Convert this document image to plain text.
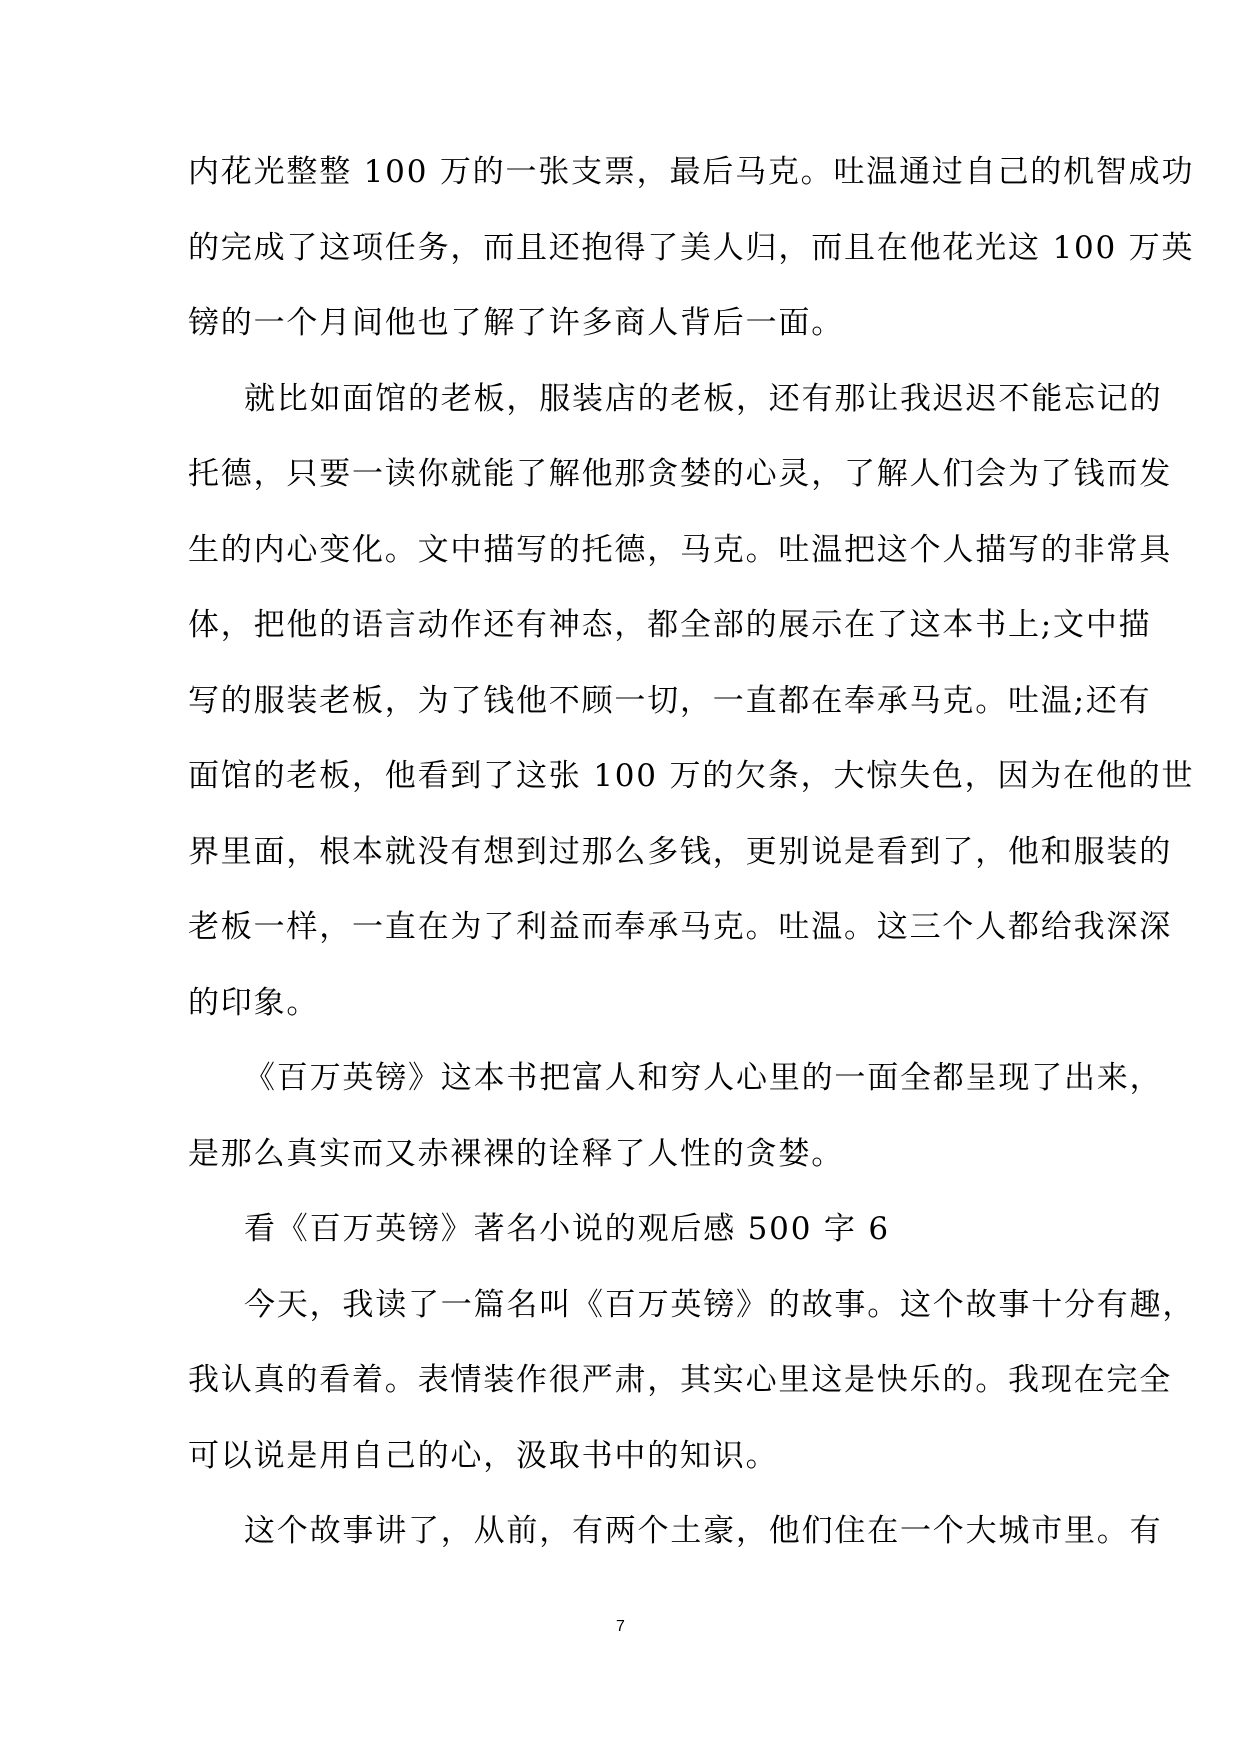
内花光整整 100 万的一张支票，最后马克。吐温通过自己的机智成功
的完成了这项任务，而且还抱得了美人归，而且在他花光这 100 万英
镑的一个月间他也了解了许多商人背后一面。
就比如面馆的老板，服装店的老板，还有那让我迟迟不能忘记的
托德，只要一读你就能了解他那贪婪的心灵，了解人们会为了钱而发
生的内心变化。文中描写的托德，马克。吐温把这个人描写的非常具
体，把他的语言动作还有神态，都全部的展示在了这本书上;文中描
写的服装老板，为了钱他不顾一切，一直都在奉承马克。吐温;还有
面馆的老板，他看到了这张 100 万的欠条，大惊失色，因为在他的世
界里面，根本就没有想到过那么多钱，更别说是看到了，他和服装的
老板一样，一直在为了利益而奉承马克。吐温。这三个人都给我深深
的印象。
《百万英镑》这本书把富人和穷人心里的一面全都呈现了出来，
是那么真实而又赤裸裸的诠释了人性的贪婪。
看《百万英镑》著名小说的观后感 500 字 6
今天，我读了一篇名叫《百万英镑》的故事。这个故事十分有趣，
我认真的看着。表情装作很严肃，其实心里这是快乐的。我现在完全
可以说是用自己的心，汲取书中的知识。
这个故事讲了，从前，有两个土豪，他们住在一个大城市里。有
7
